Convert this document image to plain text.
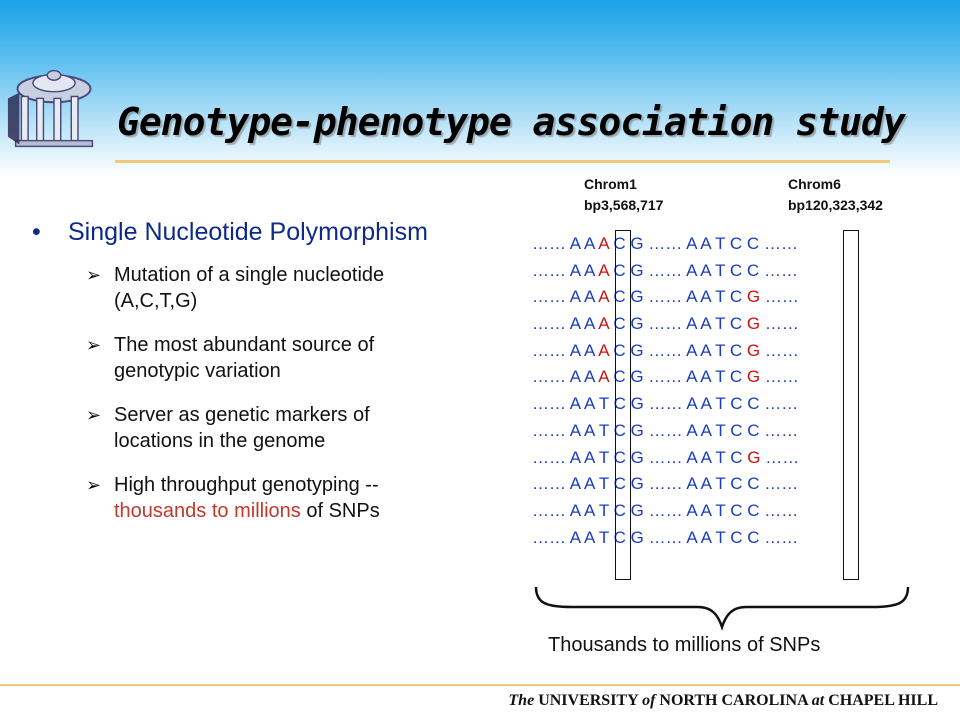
Genotype-phenotype association study
• Single Nucleotide Polymorphism
➢ Mutation of a single nucleotide
(A,C,T,G)
➢ The most abundant source of
genotypic variation
➢ Server as genetic markers of
locations in the genome
➢ High throughput genotyping --
thousands to millions of SNPs
Chrom1
bp3,568,717
Chrom6
bp120,323,342
…… A A A C G …… A A T C C ……
…… A A A C G …… A A T C C ……
…… A A A C G …… A A T C G ……
…… A A A C G …… A A T C G ……
…… A A A C G …… A A T C G ……
…… A A A C G …… A A T C G ……
…… A A T C G …… A A T C C ……
…… A A T C G …… A A T C C ……
…… A A T C G …… A A T C G ……
…… A A T C G …… A A T C C ……
…… A A T C G …… A A T C C ……
…… A A T C G …… A A T C C ……
Thousands to millions of SNPs
The UNIVERSITY of NORTH CAROLINA at CHAPEL HILL
